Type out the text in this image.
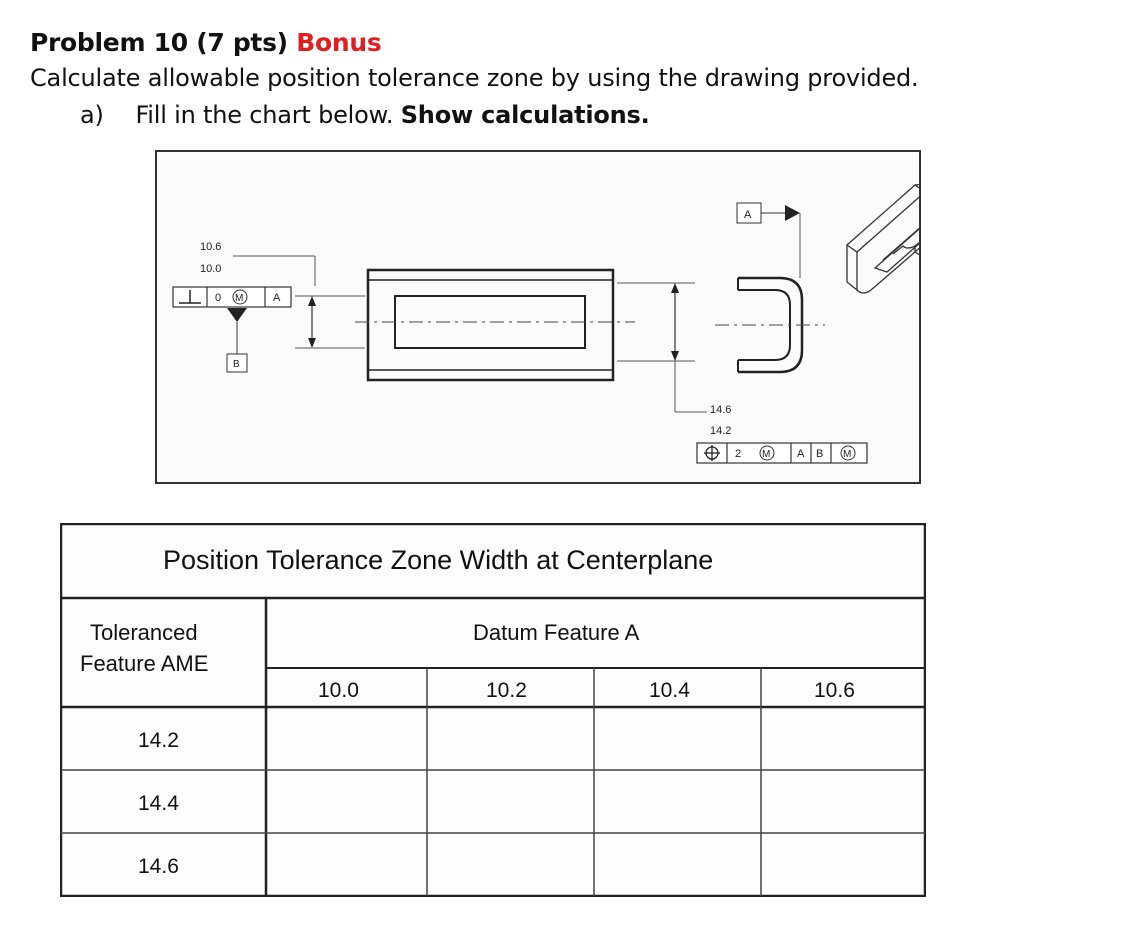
Problem 10 (7 pts) Bonus
Calculate allowable position tolerance zone by using the drawing provided.
a) Fill in the chart below. Show calculations.
10.6
10.0
0 M	A
B
14.6
14.2
2 M A B M
A
Position Tolerance Zone Width at Centerplane
Toleranced
Feature AME
Datum Feature A
10.0	10.2	10.4	10.6
14.2
14.4
14.6
